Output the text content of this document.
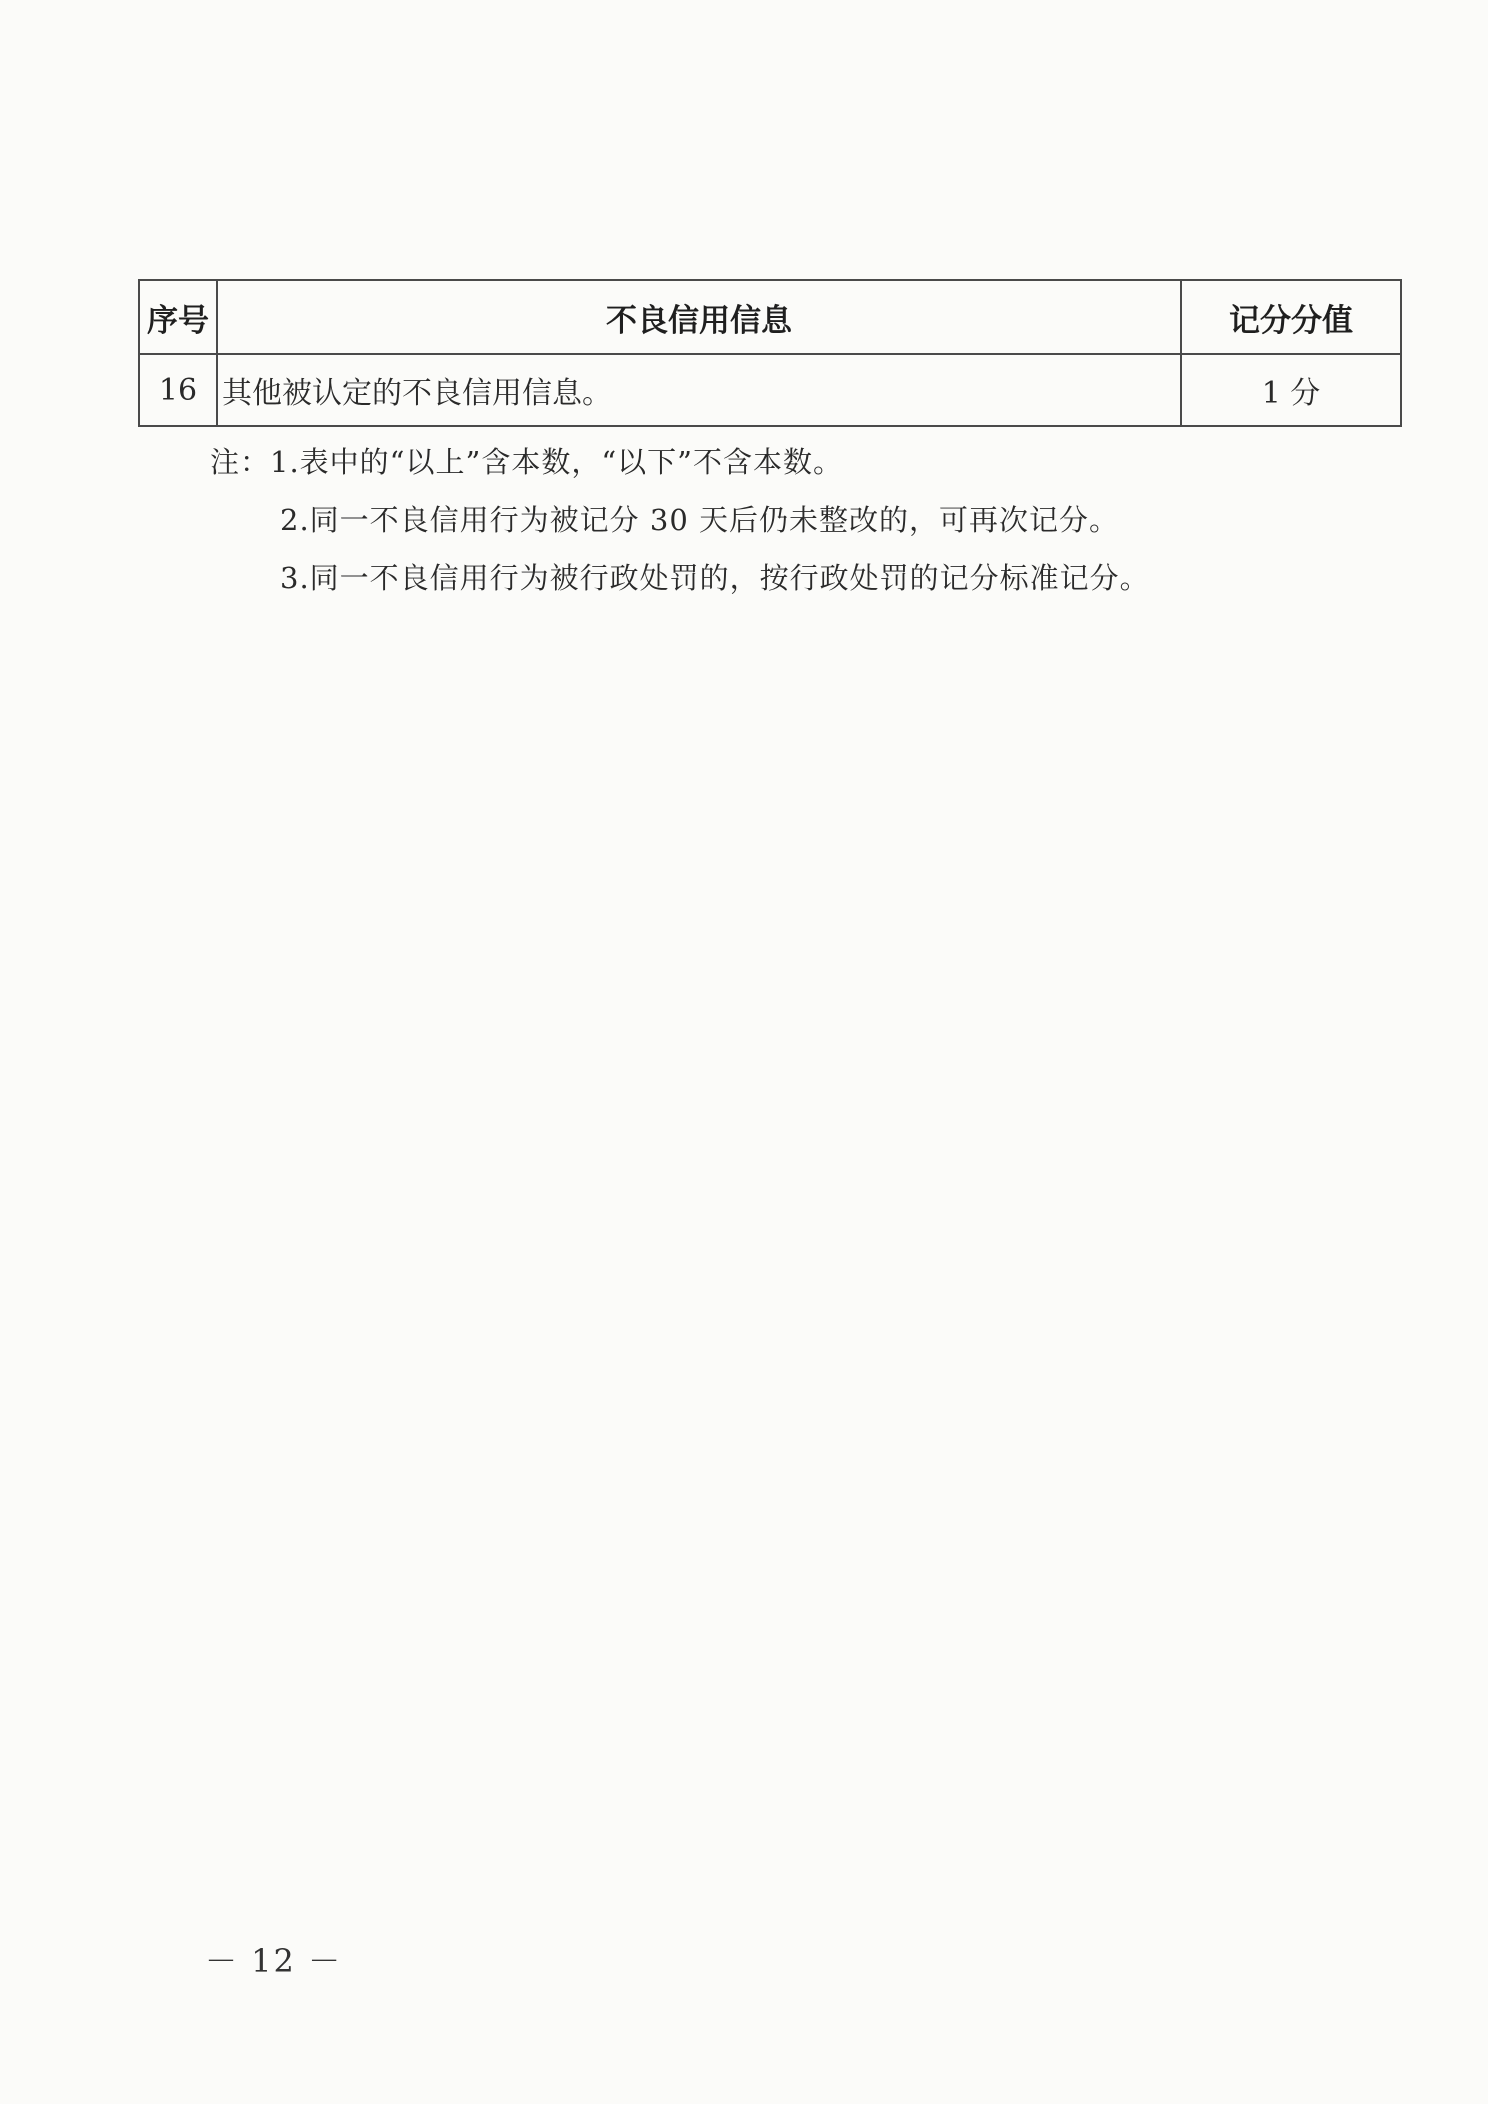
序号	不良信用信息	记分分值
16	其他被认定的不良信用信息。	1 分
注：1.表中的“以上”含本数，“以下”不含本数。
2.同一不良信用行为被记分 30 天后仍未整改的，可再次记分。
3.同一不良信用行为被行政处罚的，按行政处罚的记分标准记分。
－ 12 －
